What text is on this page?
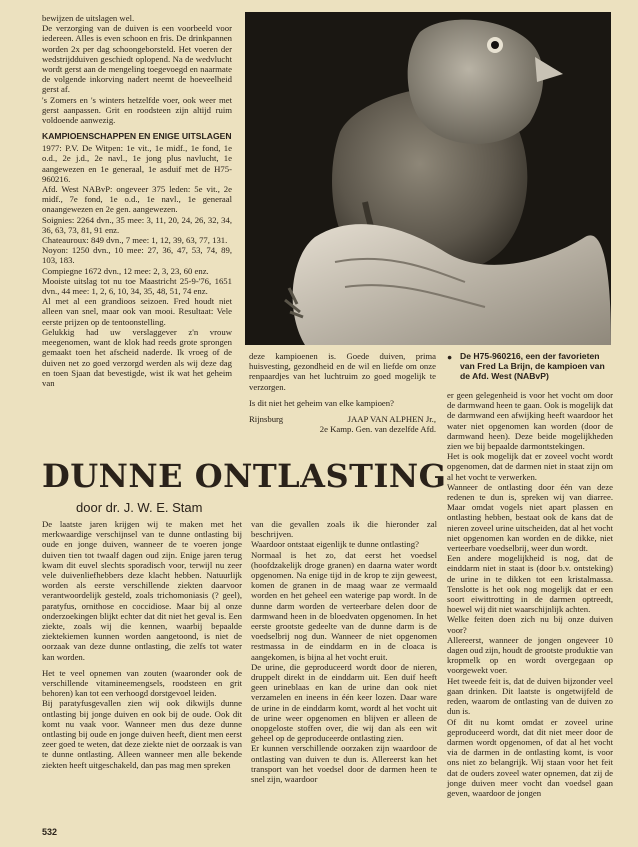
bewijzen de uitslagen wel.

De verzorging van de duiven is een voorbeeld voor iedereen. Alles is even schoon en fris. De drinkpannen worden 2x per dag schoongeborsteld. Het voeren der wedstrijdduiven geschiedt oplopend. Na de wedvlucht wordt gerst aan de mengeling toegevoegd en naarmate de volgende inkorving nadert neemt de hoeveelheid gerst af.

's Zomers en 's winters hetzelfde voer, ook weer met gerst aanpassen. Grit en roodsteen zijn altijd ruim voldoende aanwezig.

KAMPIOENSCHAPPEN EN ENIGE UITSLAGEN

1977: P.V. De Witpen: 1e vit., 1e midf., 1e fond, 1e o.d., 2e j.d., 2e navl., 1e jong plus navlucht, 1e aangewezen en 1e generaal, 1e asduif met de H75-960216.

Afd. West NABvP: ongeveer 375 leden: 5e vit., 2e midf., 7e fond, 1e o.d., 1e navl., 1e generaal onaangewezen en 2e gen. aangewezen.

Soignies: 2264 dvn., 35 mee: 3, 11, 20, 24, 26, 32, 34, 36, 63, 73, 81, 91 enz.

Chateauroux: 849 dvn., 7 mee: 1, 12, 39, 63, 77, 131.

Noyon: 1250 dvn., 10 mee: 27, 36, 47, 53, 74, 89, 103, 183.

Compiegne 1672 dvn., 12 mee: 2, 3, 23, 60 enz.

Mooiste uitslag tot nu toe Maastricht 25-9-'76, 1651 dvn., 44 mee: 1, 2, 6, 10, 34, 35, 48, 51, 74 enz.

Al met al een grandioos seizoen. Fred houdt niet alleen van snel, maar ook van mooi. Resultaat: Vele eerste prijzen op de tentoonstelling.

Gelukkig had uw verslaggever z'n vrouw meegenomen, want de klok had reeds grote sprongen gemaakt toen het afscheid naderde. Ik vroeg of de duiven net zo goed verzorgd werden als wij deze dag en toen Sjaan dat bevestigde, wist ik wat het geheim van

● De H75-960216, een der favorieten van Fred La Brijn, de kampioen van de Afd. West (NABvP)

deze kampioenen is. Goede duiven, prima huisvesting, gezondheid en de wil en liefde om onze renpaardjes van het luchtruim zo goed mogelijk te verzorgen.

Is dit niet het geheim van elke kampioen?

Rijnsburg	JAAP VAN ALPHEN Jr.,
2e Kamp. Gen. van dezelfde Afd.
DUNNE ONTLASTING
door dr. J. W. E. Stam

De laatste jaren krijgen wij te maken met het merkwaardige verschijnsel van te dunne ontlasting bij oude en jonge duiven, wanneer de te voeren jonge duiven tien tot twaalf dagen oud zijn. Enige jaren terug kwam dit euvel slechts sporadisch voor, terwijl nu zeer vele duivenliefhebbers deze klacht hebben. Natuurlijk worden als eerste verschillende ziekten daarvoor verantwoordelijk gesteld, zoals trichomoniasis (? geel), paratyfus, ornithose en coccidiose. Maar bij al onze onderzoekingen blijkt echter dat dit niet het geval is. Een ziekte, zoals wij die kennen, waarbij bepaalde ziektekiemen kunnen worden aangetoond, is niet de oorzaak van deze dunne ontlasting, die zelfs tot water kan worden.

Het te veel opnemen van zouten (waaronder ook de verschillende vitamineemengsels, roodsteen en grit behoren) kan tot een verhoogd dorstgevoel leiden.

Bij paratyfusgevallen zien wij ook dikwijls dunne ontlasting bij jonge duiven en ook bij de oude. Ook dit komt nu vaak voor. Wanneer men dus deze dunne ontlasting bij oude en jonge duiven heeft, dient men eerst zeer goed te weten, dat deze ziekte niet de oorzaak is van te dunne ontlasting. Alleen wanneer men alle bekende ziekten heeft uitgeschakeld, dan pas mag men spreken

van die gevallen zoals ik die hieronder zal beschrijven.

Waardoor ontstaat eigenlijk te dunne ontlasting?

Normaal is het zo, dat eerst het voedsel (hoofdzakelijk droge granen) en daarna water wordt opgenomen. Na enige tijd in de krop te zijn geweest, komen de granen in de maag waar ze vermaald worden en het geheel een waterige pap wordt. In de dunne darm worden de verteerbare delen door de darmwand heen in de bloedvaten opgenomen. In het eerste grootste gedeelte van de dunne darm is de voedselbrij nog dun. Wanneer de niet opgenomen restmassa in de einddarm en in de cloaca is aangekomen, is bijna al het vocht eruit.

De urine, die geproduceerd wordt door de nieren, druppelt direkt in de einddarm uit. Een duif heeft geen urineblaas en kan de urine dan ook niet verzamelen en ineens in één keer lozen. Daar ware de urine in de einddarm komt, wordt al het vocht uit de urine weer opgenomen en blijven er alleen de onopgeloste stoffen over, die wij dan als een wit geheel op de geproduceerde ontlasting zien.

Er kunnen verschillende oorzaken zijn waardoor de ontlasting van duiven te dun is. Allereerst kan het transport van het voedsel door de darmen heen te snel zijn, waardoor

er geen gelegenheid is voor het vocht om door de darmwand heen te gaan. Ook is mogelijk dat de darmwand een afwijking heeft waardoor het water niet opgenomen kan worden (door de darmwand heen). Deze beide mogelijkheden zien we bij bepaalde darmontstekingen.

Het is ook mogelijk dat er zoveel vocht wordt opgenomen, dat de darmen niet in staat zijn om al het vocht te verwerken.

Wanneer de ontlasting door één van deze redenen te dun is, spreken wij van diarree. Maar omdat vogels niet apart plassen en ontlasting hebben, bestaat ook de kans dat de nieren zoveel urine uitscheiden, dat al het vocht niet opgenomen kan worden en de dikke, niet verteerbare voedselbrij, weer dun wordt.

Een andere mogelijkheid is nog, dat de einddarm niet in staat is (door b.v. ontsteking) de urine in te dikken tot een kristalmassa. Tenslotte is het ook nog mogelijk dat er een soort eiwittrotting in de darmen optreedt, hoewel wij dit niet waarschijnlijk achten.

Welke feiten doen zich nu bij onze duiven voor?

Allereerst, wanneer de jongen ongeveer 10 dagen oud zijn, houdt de grootste produktie van kropmelk op en wordt overgegaan op voorgewekt voer.

Het tweede feit is, dat de duiven bijzonder veel gaan drinken. Dit laatste is ongetwijfeld de reden, waarom de ontlasting van de duiven zo dun is.

Of dit nu komt omdat er zoveel urine geproduceerd wordt, dat dit niet meer door de darmen wordt opgenomen, of dat al het vocht via de darmen in de ontlasting komt, is voor ons niet zo belangrijk. Wij staan voor het feit dat de ouders zoveel water opnemen, dat zij de jonge duiven meer vocht dan voedsel gaan geven, waardoor de jongen

532
